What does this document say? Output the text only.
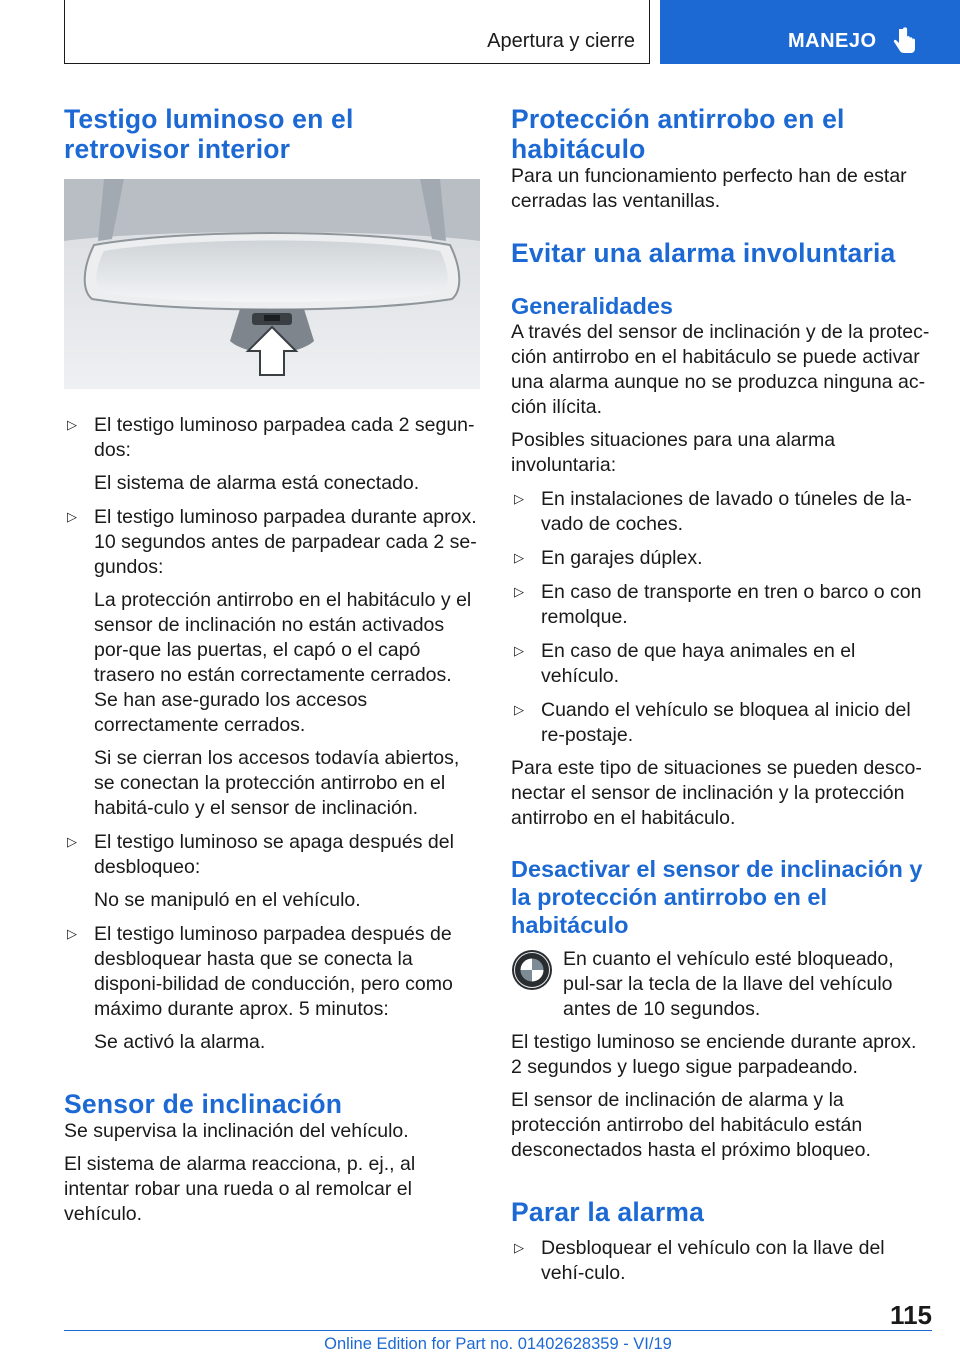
Apertura y cierre	MANEJO
Testigo luminoso en el retrovisor interior
▷ El testigo luminoso parpadea cada 2 segun‐dos:

El sistema de alarma está conectado.

▷ El testigo luminoso parpadea durante aprox. 10 segundos antes de parpadear cada 2 se‐gundos:

La protección antirrobo en el habitáculo y el sensor de inclinación no están activados por‐que las puertas, el capó o el capó trasero no están correctamente cerrados. Se han ase‐gurado los accesos correctamente cerrados.

Si se cierran los accesos todavía abiertos, se conectan la protección antirrobo en el habitá‐culo y el sensor de inclinación.

▷ El testigo luminoso se apaga después del desbloqueo:

No se manipuló en el vehículo.

▷ El testigo luminoso parpadea después de desbloquear hasta que se conecta la disponi‐bilidad de conducción, pero como máximo durante aprox. 5 minutos:

Se activó la alarma.

Sensor de inclinación

Se supervisa la inclinación del vehículo.

El sistema de alarma reacciona, p. ej., al intentar robar una rueda o al remolcar el vehículo.

Protección antirrobo en el habitáculo

Para un funcionamiento perfecto han de estar cerradas las ventanillas.

Evitar una alarma involuntaria
Generalidades

A través del sensor de inclinación y de la protec‐ción antirrobo en el habitáculo se puede activar una alarma aunque no se produzca ninguna ac‐ción ilícita.

Posibles situaciones para una alarma involuntaria:

▷ En instalaciones de lavado o túneles de la‐vado de coches.

▷ En garajes dúplex.

▷ En caso de transporte en tren o barco o con remolque.

▷ En caso de que haya animales en el vehículo.

▷ Cuando el vehículo se bloquea al inicio del re‐postaje.

Para este tipo de situaciones se pueden desco‐nectar el sensor de inclinación y la protección antirrobo en el habitáculo.

Desactivar el sensor de inclinación y la protección antirrobo en el habitáculo

En cuanto el vehículo esté bloqueado, pul‐sar la tecla de la llave del vehículo antes de 10 segundos.

El testigo luminoso se enciende durante aprox. 2 segundos y luego sigue parpadeando.

El sensor de inclinación de alarma y la protección antirrobo del habitáculo están desconectados hasta el próximo bloqueo.

Parar la alarma
▷ Desbloquear el vehículo con la llave del vehí‐culo.

115
Online Edition for Part no. 01402628359 - VI/19
